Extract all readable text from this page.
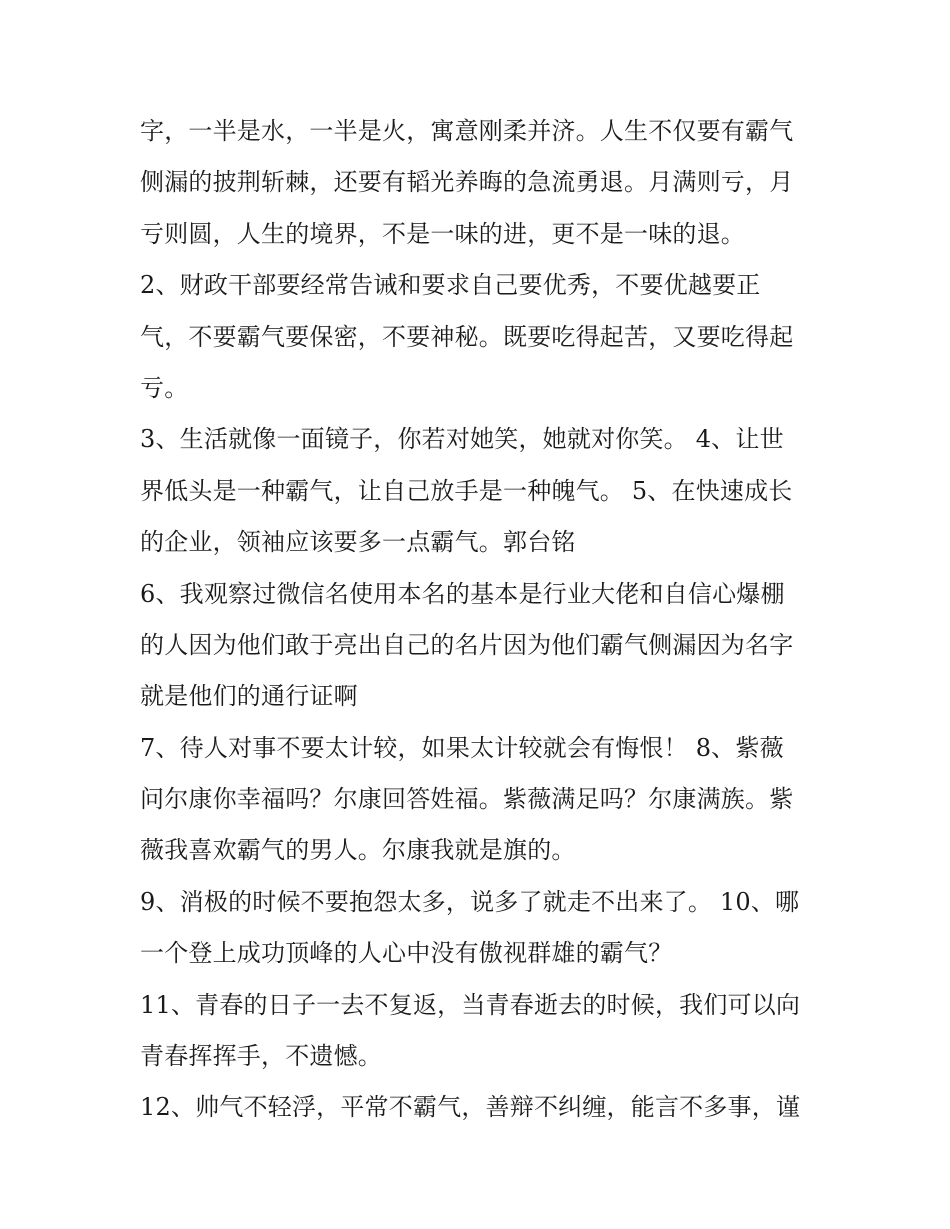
字，一半是水，一半是火，寓意刚柔并济。人生不仅要有霸气
侧漏的披荆斩棘，还要有韬光养晦的急流勇退。月满则亏，月
亏则圆，人生的境界，不是一味的进，更不是一味的退。
2、财政干部要经常告诫和要求自己要优秀，不要优越要正
气，不要霸气要保密，不要神秘。既要吃得起苦，又要吃得起
亏。
3、生活就像一面镜子，你若对她笑，她就对你笑。 4、让世
界低头是一种霸气，让自己放手是一种魄气。 5、在快速成长
的企业，领袖应该要多一点霸气。郭台铭
6、我观察过微信名使用本名的基本是行业大佬和自信心爆棚
的人因为他们敢于亮出自己的名片因为他们霸气侧漏因为名字
就是他们的通行证啊
7、待人对事不要太计较，如果太计较就会有悔恨！ 8、紫薇
问尔康你幸福吗？尔康回答姓福。紫薇满足吗？尔康满族。紫
薇我喜欢霸气的男人。尔康我就是旗的。
9、消极的时候不要抱怨太多，说多了就走不出来了。 10、哪
一个登上成功顶峰的人心中没有傲视群雄的霸气？
11、青春的日子一去不复返，当青春逝去的时候，我们可以向
青春挥挥手，不遗憾。
12、帅气不轻浮，平常不霸气，善辩不纠缠，能言不多事，谨
